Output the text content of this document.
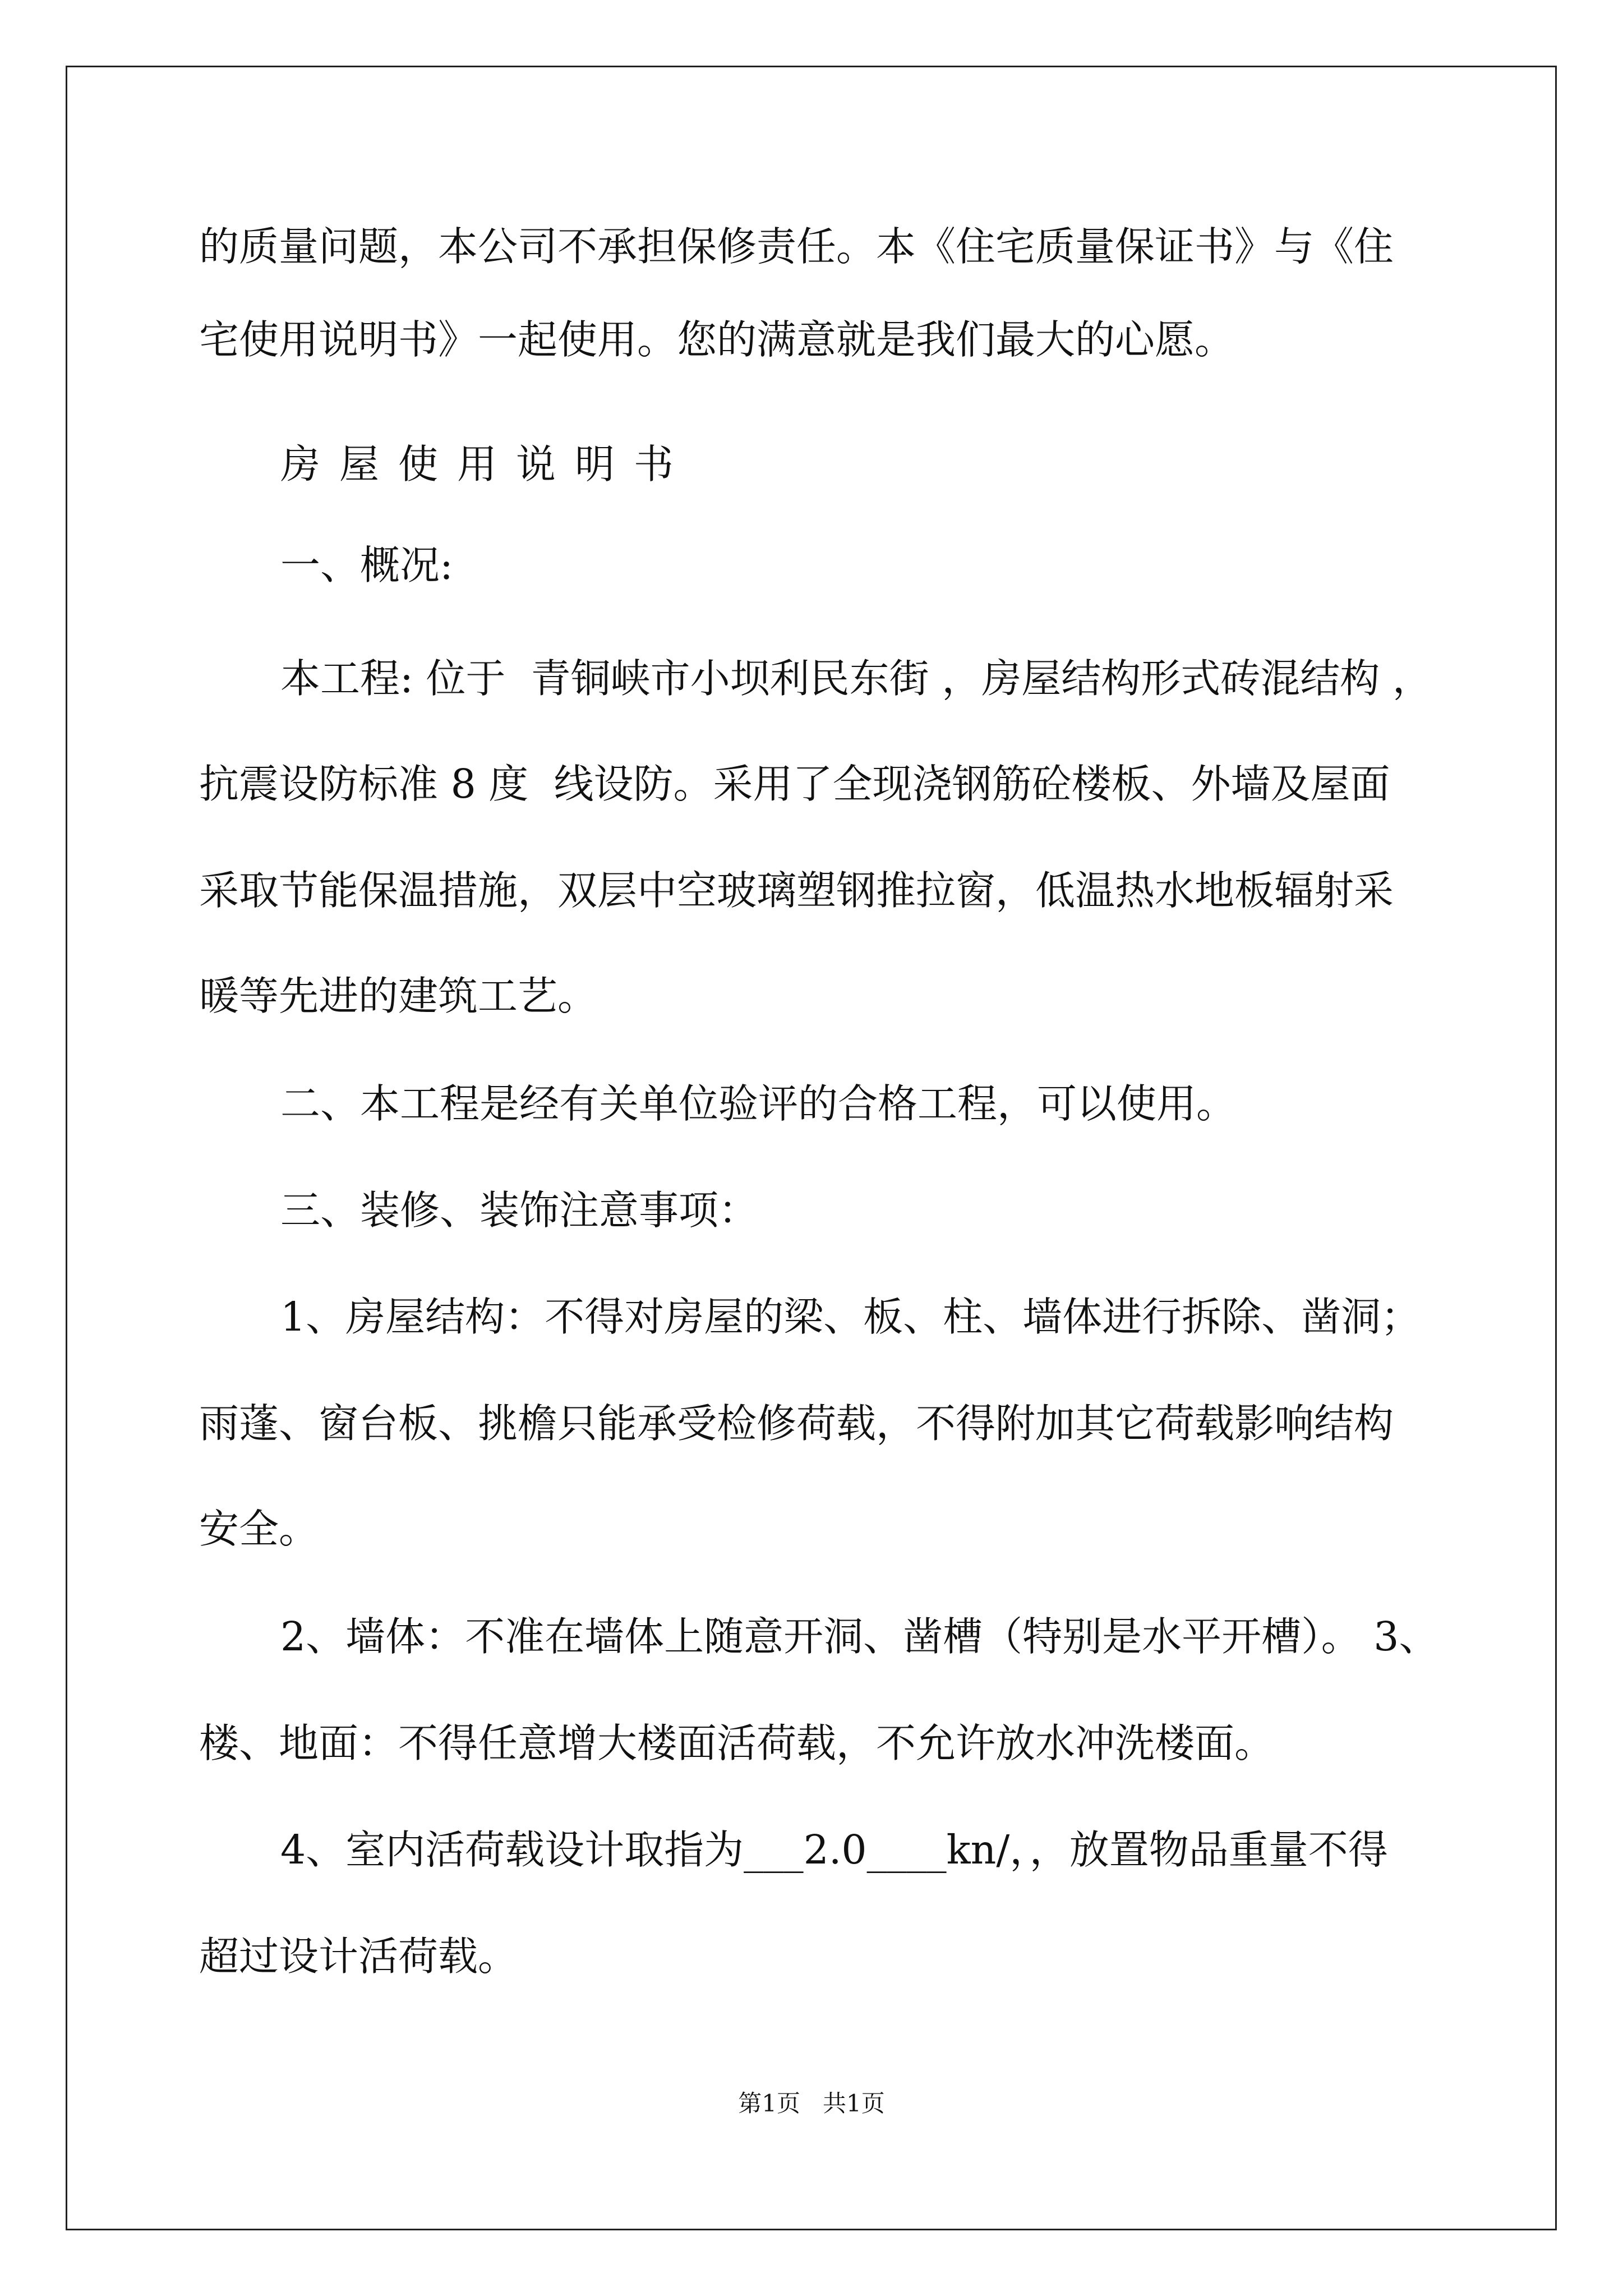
的质量问题，本公司不承担保修责任。本《住宅质量保证书》与《住
宅使用说明书》一起使用。您的满意就是我们最大的心愿。
房屋使用说明书
一、概况:
本工程: 位于  青铜峡市小坝利民东街 ，房屋结构形式砖混结构 ，
抗震设防标准 8 度  线设防。采用了全现浇钢筋砼楼板、外墙及屋面
采取节能保温措施，双层中空玻璃塑钢推拉窗，低温热水地板辐射采
暖等先进的建筑工艺。
二、本工程是经有关单位验评的合格工程，可以使用。
三、装修、装饰注意事项：
1、房屋结构：不得对房屋的梁、板、柱、墙体进行拆除、凿洞；
雨蓬、窗台板、挑檐只能承受检修荷载，不得附加其它荷载影响结构
安全。
2、墙体：不准在墙体上随意开洞、凿槽（特别是水平开槽）。 3、
楼、地面：不得任意增大楼面活荷载，不允许放水冲洗楼面。
4、室内活荷载设计取指为___2.0____kn/，，放置物品重量不得
超过设计活荷载。
第1页   共1页
